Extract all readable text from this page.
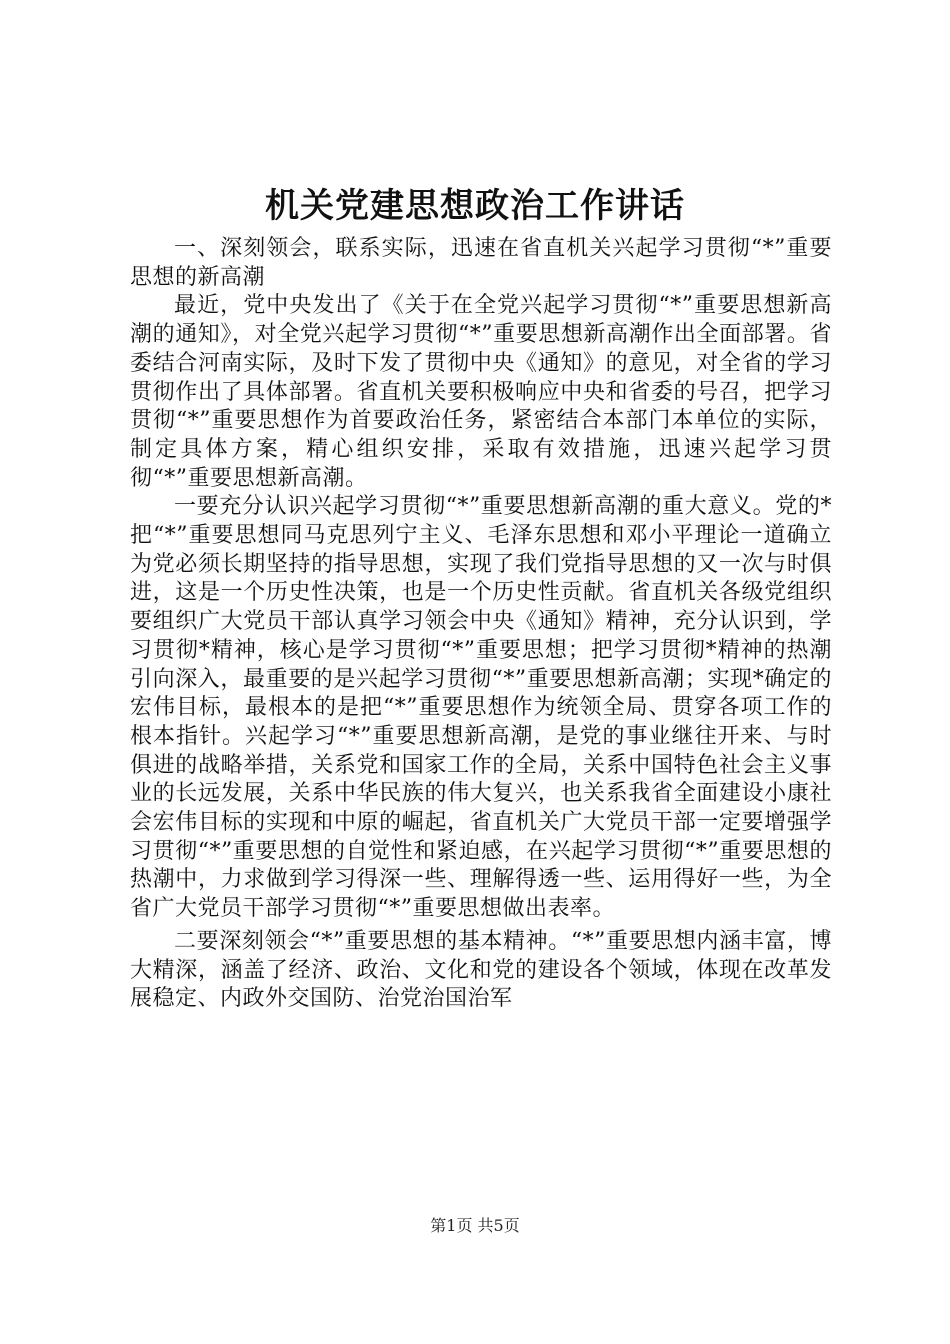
机关党建思想政治工作讲话

一、深刻领会，联系实际，迅速在省直机关兴起学习贯彻“*”重要思想的新高潮

最近，党中央发出了《关于在全党兴起学习贯彻“*”重要思想新高潮的通知》，对全党兴起学习贯彻“*”重要思想新高潮作出全面部署。省委结合河南实际，及时下发了贯彻中央《通知》的意见，对全省的学习贯彻作出了具体部署。省直机关要积极响应中央和省委的号召，把学习贯彻“*”重要思想作为首要政治任务，紧密结合本部门本单位的实际，制定具体方案，精心组织安排，采取有效措施，迅速兴起学习贯彻“*”重要思想新高潮。

一要充分认识兴起学习贯彻“*”重要思想新高潮的重大意义。党的*把“*”重要思想同马克思列宁主义、毛泽东思想和邓小平理论一道确立为党必须长期坚持的指导思想，实现了我们党指导思想的又一次与时俱进，这是一个历史性决策，也是一个历史性贡献。省直机关各级党组织要组织广大党员干部认真学习领会中央《通知》精神，充分认识到，学习贯彻*精神，核心是学习贯彻“*”重要思想；把学习贯彻*精神的热潮引向深入，最重要的是兴起学习贯彻“*”重要思想新高潮；实现*确定的宏伟目标，最根本的是把“*”重要思想作为统领全局、贯穿各项工作的根本指针。兴起学习“*”重要思想新高潮，是党的事业继往开来、与时俱进的战略举措，关系党和国家工作的全局，关系中国特色社会主义事业的长远发展，关系中华民族的伟大复兴，也关系我省全面建设小康社会宏伟目标的实现和中原的崛起，省直机关广大党员干部一定要增强学习贯彻“*”重要思想的自觉性和紧迫感，在兴起学习贯彻“*”重要思想的热潮中，力求做到学习得深一些、理解得透一些、运用得好一些，为全省广大党员干部学习贯彻“*”重要思想做出表率。

二要深刻领会“*”重要思想的基本精神。“*”重要思想内涵丰富，博大精深，涵盖了经济、政治、文化和党的建设各个领域，体现在改革发展稳定、内政外交国防、治党治国治军

第1页 共5页
